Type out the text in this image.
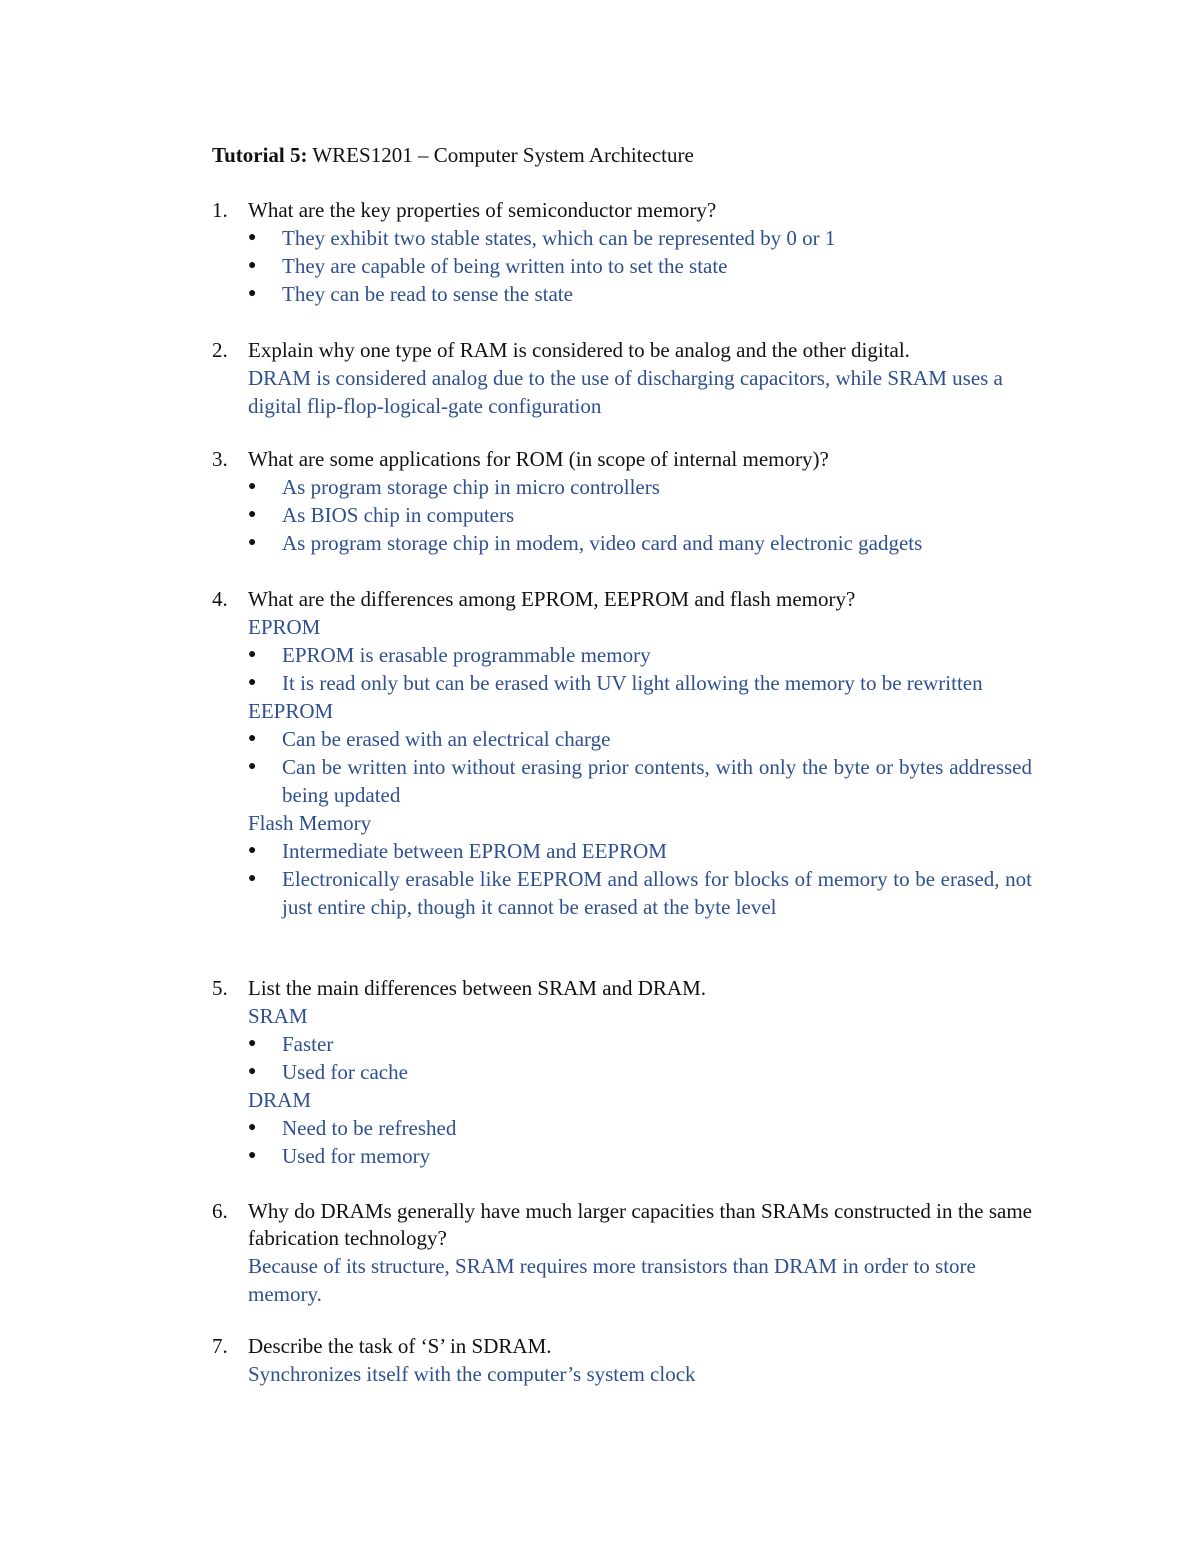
Tutorial 5: WRES1201 – Computer System Architecture
1. What are the key properties of semiconductor memory?
● They exhibit two stable states, which can be represented by 0 or 1
● They are capable of being written into to set the state
● They can be read to sense the state
2. Explain why one type of RAM is considered to be analog and the other digital.
DRAM is considered analog due to the use of discharging capacitors, while SRAM uses a digital flip-flop-logical-gate configuration
3. What are some applications for ROM (in scope of internal memory)?
● As program storage chip in micro controllers
● As BIOS chip in computers
● As program storage chip in modem, video card and many electronic gadgets
4. What are the differences among EPROM, EEPROM and flash memory?
EPROM
● EPROM is erasable programmable memory
● It is read only but can be erased with UV light allowing the memory to be rewritten
EEPROM
● Can be erased with an electrical charge
● Can be written into without erasing prior contents, with only the byte or bytes addressed being updated
Flash Memory
● Intermediate between EPROM and EEPROM
● Electronically erasable like EEPROM and allows for blocks of memory to be erased, not just entire chip, though it cannot be erased at the byte level
5. List the main differences between SRAM and DRAM.
SRAM
● Faster
● Used for cache
DRAM
● Need to be refreshed
● Used for memory
6. Why do DRAMs generally have much larger capacities than SRAMs constructed in the same fabrication technology?
Because of its structure, SRAM requires more transistors than DRAM in order to store memory.
7. Describe the task of ‘S’ in SDRAM.
Synchronizes itself with the computer’s system clock
